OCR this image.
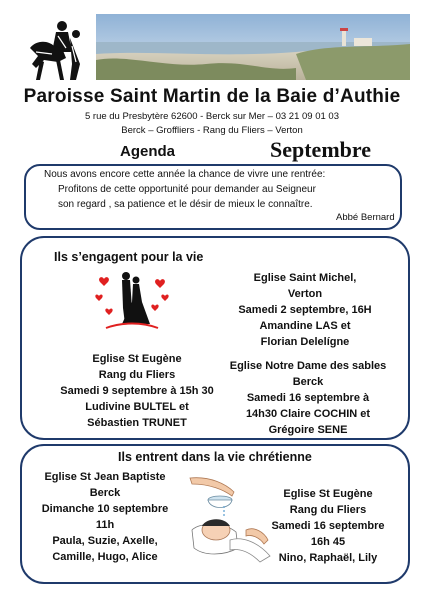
Paroisse Saint Martin de la Baie d’Authie
5 rue du Presbytère 62600 - Berck sur Mer – 03 21 09 01 03
Berck – Groffliers - Rang du Fliers – Verton
Agenda	Septembre
Nous avons encore cette année la chance de vivre une rentrée:
Profitons de cette opportunité pour demander au Seigneur
son regard , sa patience et le désir de mieux le connaître.
Abbé Bernard
Ils s’engagent pour la vie
Eglise Saint Michel,
Verton
Samedi 2 septembre, 16H
Amandine LAS et
Florian Delelígne
Eglise St Eugène
Rang du Fliers
Samedi 9 septembre à 15h 30
Ludivine BULTEL et
Sébastien TRUNET
Eglise Notre Dame des sables
Berck
Samedi 16 septembre à
14h30 Claire COCHIN et
Grégoire SENE
Ils entrent dans la vie chrétienne
Eglise St Jean Baptiste
Berck
Dimanche 10 septembre
11h
Paula, Suzie, Axelle,
Camille, Hugo, Alice
Eglise St Eugène
Rang du Fliers
Samedi 16 septembre
16h 45
Nino, Raphaël, Lily
